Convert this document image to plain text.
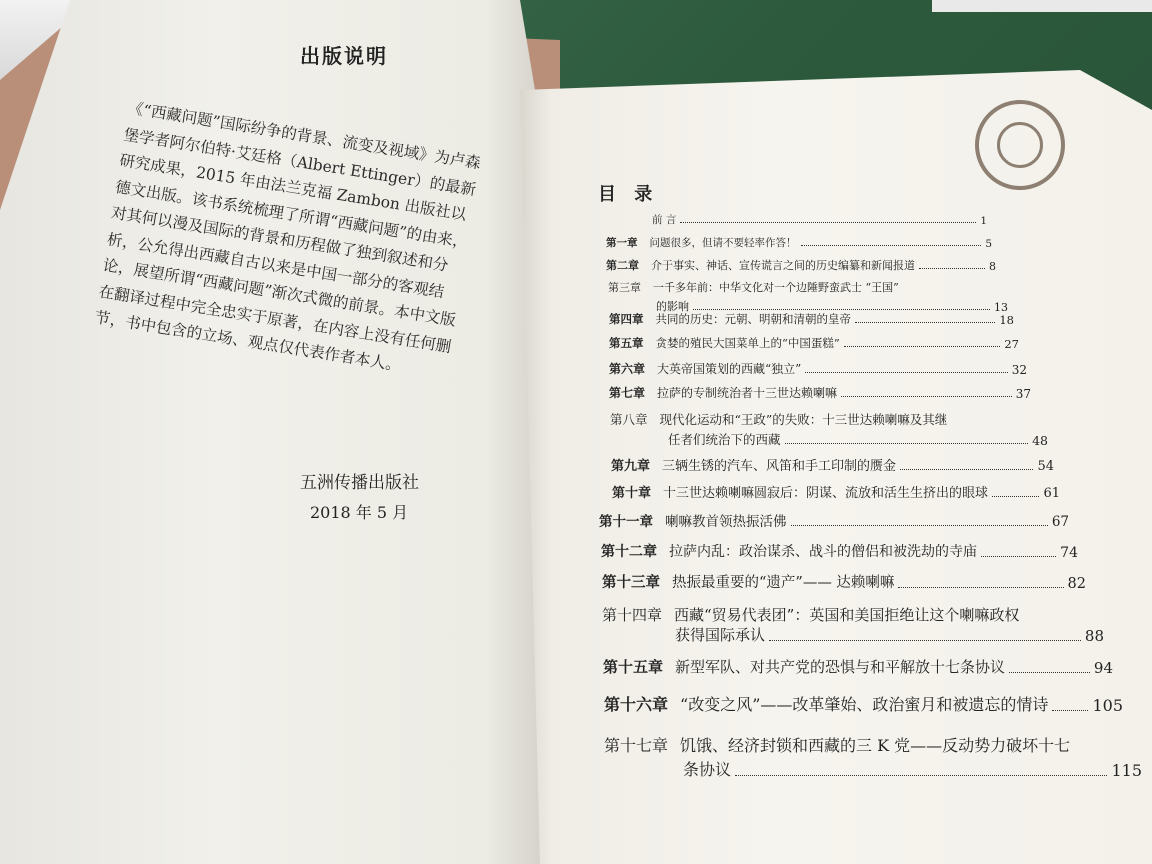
出版说明
《“西藏问题”国际纷争的背景、流变及视域》为卢森堡学者阿尔伯特·艾廷格（Albert Ettinger）的最新研究成果，2015 年由法兰克福 Zambon 出版社以德文出版。该书系统梳理了所谓“西藏问题”的由来，对其何以漫及国际的背景和历程做了独到叙述和分析，公允得出西藏自古以来是中国一部分的客观结论，展望所谓“西藏问题”渐次式微的前景。本中文版在翻译过程中完全忠实于原著，在内容上没有任何删节，书中包含的立场、观点仅代表作者本人。
五洲传播出版社
2018 年 5 月
目 录
前 言	1
第一章 问题很多，但请不要轻率作答！	5
第二章 介于事实、神话、宣传谎言之间的历史编纂和新闻报道	8
第三章 一千多年前：中华文化对一个边陲野蛮武士 “王国”
的影响	13
第四章 共同的历史：元朝、明朝和清朝的皇帝	18
第五章 贪婪的殖民大国菜单上的“中国蛋糕”	27
第六章 大英帝国策划的西藏“独立”	32
第七章 拉萨的专制统治者十三世达赖喇嘛	37
第八章 现代化运动和“王政”的失败：十三世达赖喇嘛及其继
任者们统治下的西藏	48
第九章 三辆生锈的汽车、风笛和手工印制的赝金	54
第十章 十三世达赖喇嘛圆寂后：阴谋、流放和活生生挤出的眼球	61
第十一章 喇嘛教首领热振活佛	67
第十二章 拉萨内乱：政治谋杀、战斗的僧侣和被洗劫的寺庙	74
第十三章 热振最重要的“遗产”—— 达赖喇嘛	82
第十四章 西藏“贸易代表团”：英国和美国拒绝让这个喇嘛政权
获得国际承认	88
第十五章 新型军队、对共产党的恐惧与和平解放十七条协议	94
第十六章 “改变之风”——改革肇始、政治蜜月和被遗忘的情诗	105
第十七章 饥饿、经济封锁和西藏的三 K 党——反动势力破坏十七
条协议	115
